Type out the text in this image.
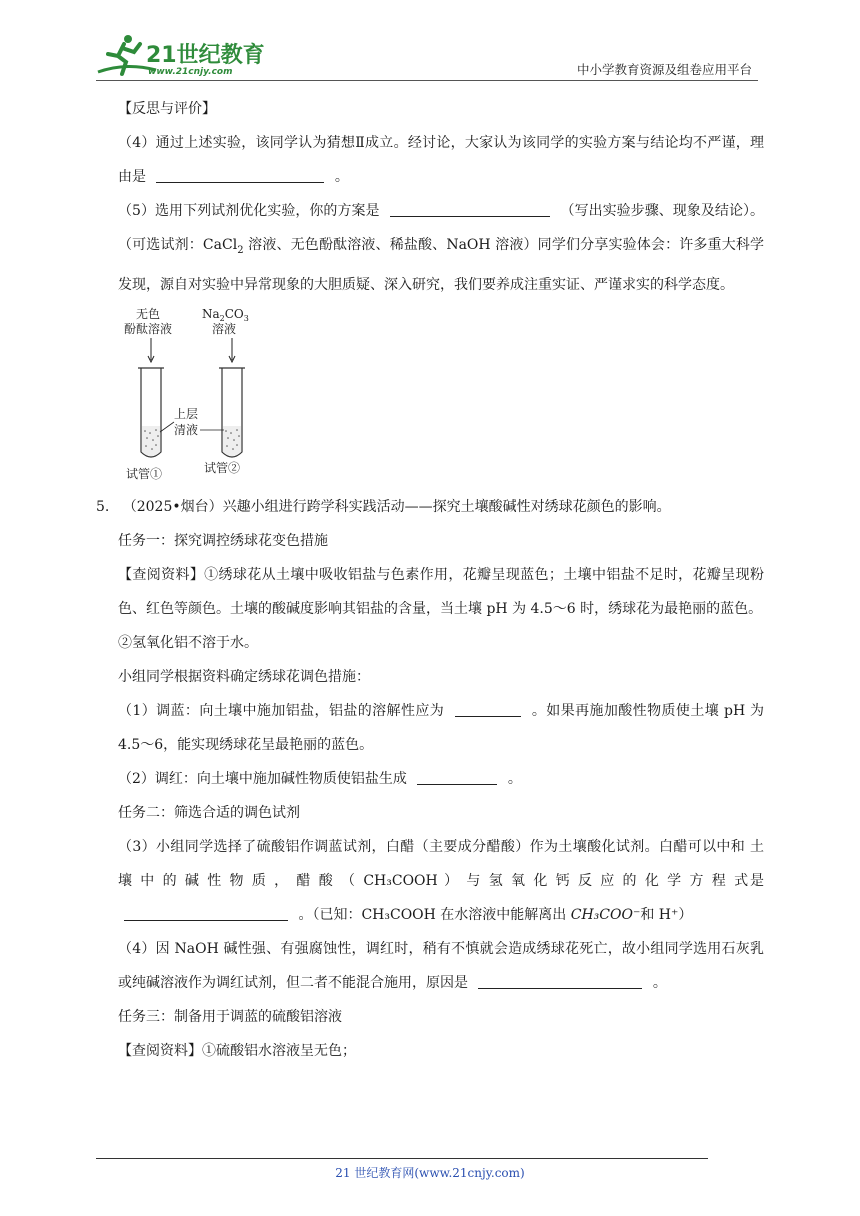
21世纪教育
www.21cnjy.com	中小学教育资源及组卷应用平台

【反思与评价】

（4）通过上述实验，该同学认为猜想Ⅱ成立。经讨论，大家认为该同学的实验方案与结论均不严谨，理由是	。

（5）选用下列试剂优化实验，你的方案是	（写出实验步骤、现象及结论）。（可选试剂：CaCl$_2$ 溶液、无色酚酞溶液、稀盐酸、NaOH 溶液）同学们分享实验体会：许多重大科学发现，源自对实验中异常现象的大胆质疑、深入研究，我们要养成注重实证、严谨求实的科学态度。

无色
酚酞溶液
$Na_2CO_3$
溶液
上层
清液
试管①	试管②

5. （2025•烟台）兴趣小组进行跨学科实践活动——探究土壤酸碱性对绣球花颜色的影响。

任务一：探究调控绣球花变色措施

【查阅资料】①绣球花从土壤中吸收铝盐与色素作用，花瓣呈现蓝色；土壤中铝盐不足时，花瓣呈现粉色、红色等颜色。土壤的酸碱度影响其铝盐的含量，当土壤 pH 为 4.5～6 时，绣球花为最艳丽的蓝色。

②氢氧化铝不溶于水。

小组同学根据资料确定绣球花调色措施：

（1）调蓝：向土壤中施加铝盐，铝盐的溶解性应为	。如果再施加酸性物质使土壤 pH 为 4.5～6，能实现绣球花呈最艳丽的蓝色。

（2）调红：向土壤中施加碱性物质使铝盐生成	。

任务二：筛选合适的调色试剂

（3）小组同学选择了硫酸铝作调蓝试剂，白醋（主要成分醋酸）作为土壤酸化试剂。白醋可以中和 土 壤 中 的 碱 性 物 质 ， 醋 酸 （ CH₃COOH ） 与 氢 氧 化 钙 反 应 的 化 学 方 程 式是  。（已知：CH₃COOH 在水溶液中能解离出 CH₃COO⁻和 H⁺）

（4）因 NaOH 碱性强、有强腐蚀性，调红时，稍有不慎就会造成绣球花死亡，故小组同学选用石灰乳或纯碱溶液作为调红试剂，但二者不能混合施用，原因是	。

任务三：制备用于调蓝的硫酸铝溶液

【查阅资料】①硫酸铝水溶液呈无色；

21 世纪教育网(www.21cnjy.com)
